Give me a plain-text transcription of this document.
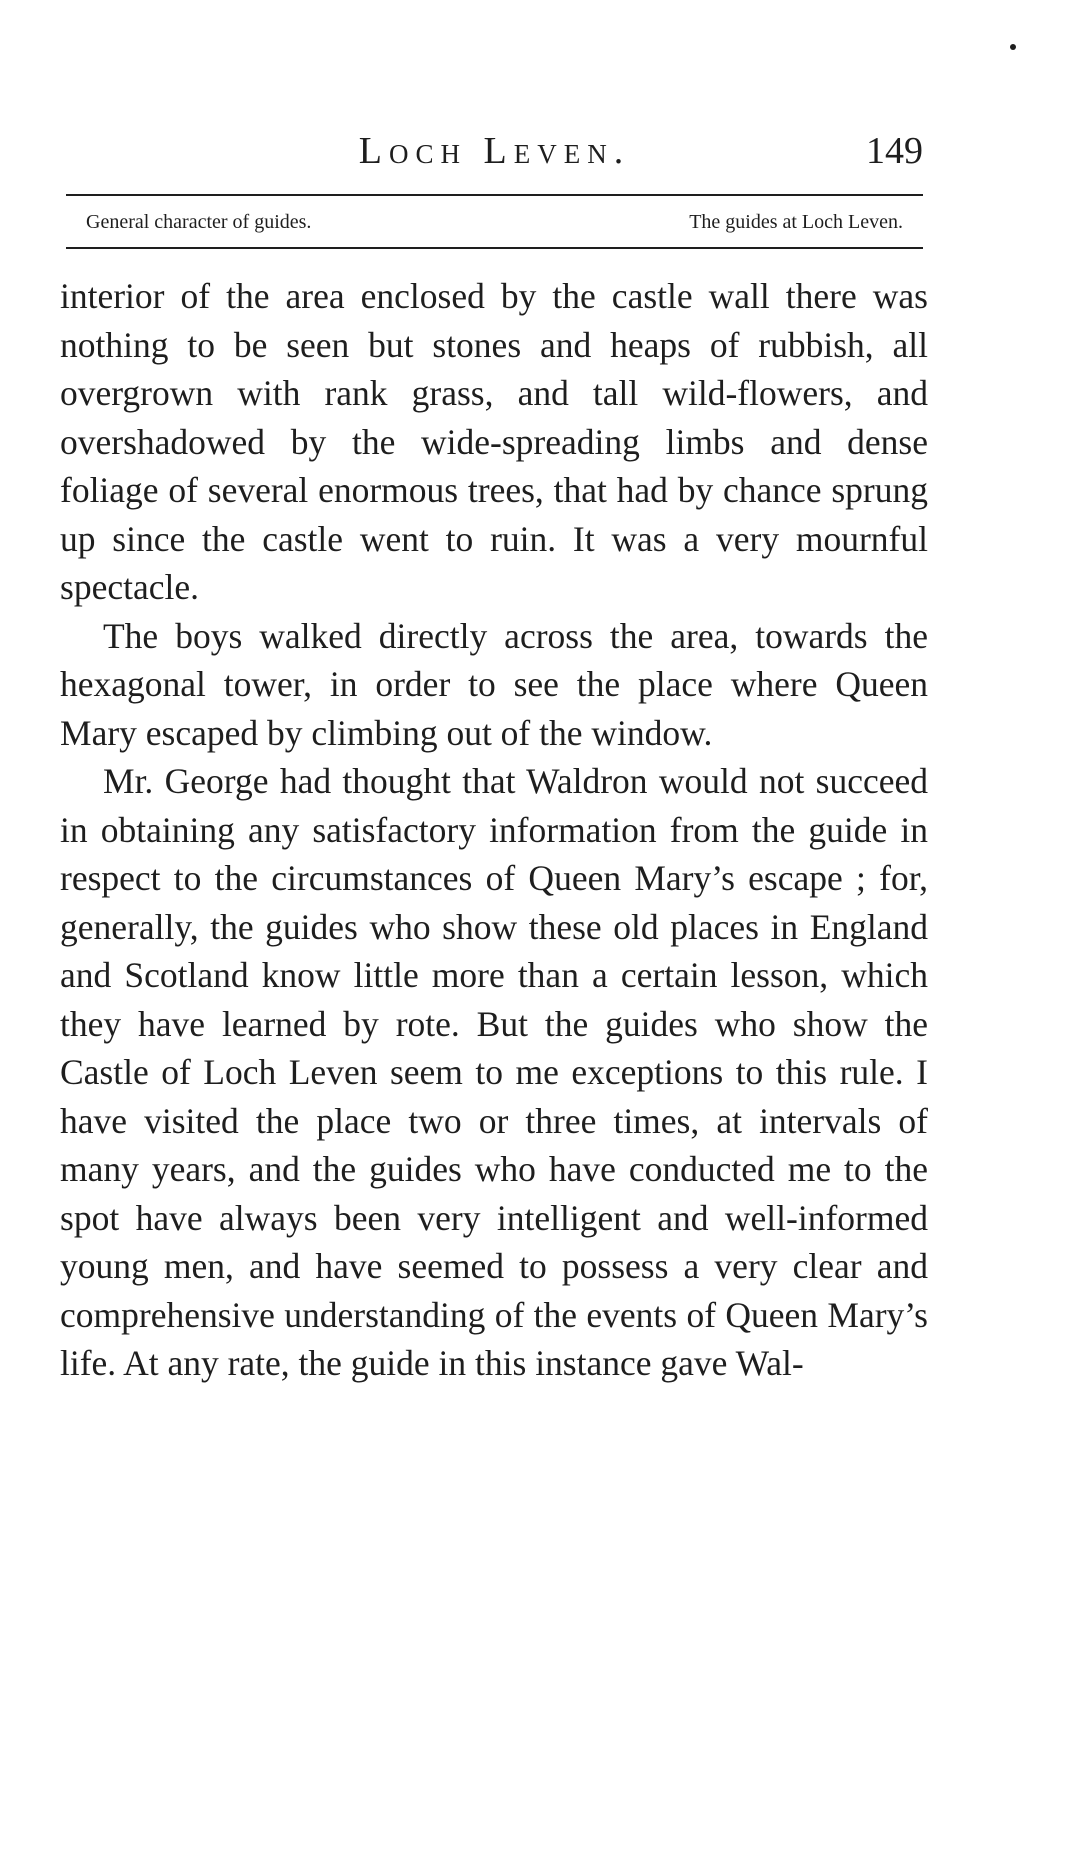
Loch Leven.	149
General character of guides.	The guides at Loch Leven.

interior of the area enclosed by the castle wall there was nothing to be seen but stones and heaps of rubbish, all overgrown with rank grass, and tall wild-flowers, and overshadowed by the wide-spreading limbs and dense foliage of several enormous trees, that had by chance sprung up since the castle went to ruin. It was a very mournful spectacle.

The boys walked directly across the area, towards the hexagonal tower, in order to see the place where Queen Mary escaped by climbing out of the window.

Mr. George had thought that Waldron would not succeed in obtaining any satisfactory information from the guide in respect to the circumstances of Queen Mary’s escape ; for, generally, the guides who show these old places in England and Scotland know little more than a certain lesson, which they have learned by rote. But the guides who show the Castle of Loch Leven seem to me exceptions to this rule. I have visited the place two or three times, at intervals of many years, and the guides who have conducted me to the spot have always been very intelligent and well-informed young men, and have seemed to possess a very clear and comprehensive understanding of the events of Queen Mary’s life. At any rate, the guide in this instance gave Wal-
